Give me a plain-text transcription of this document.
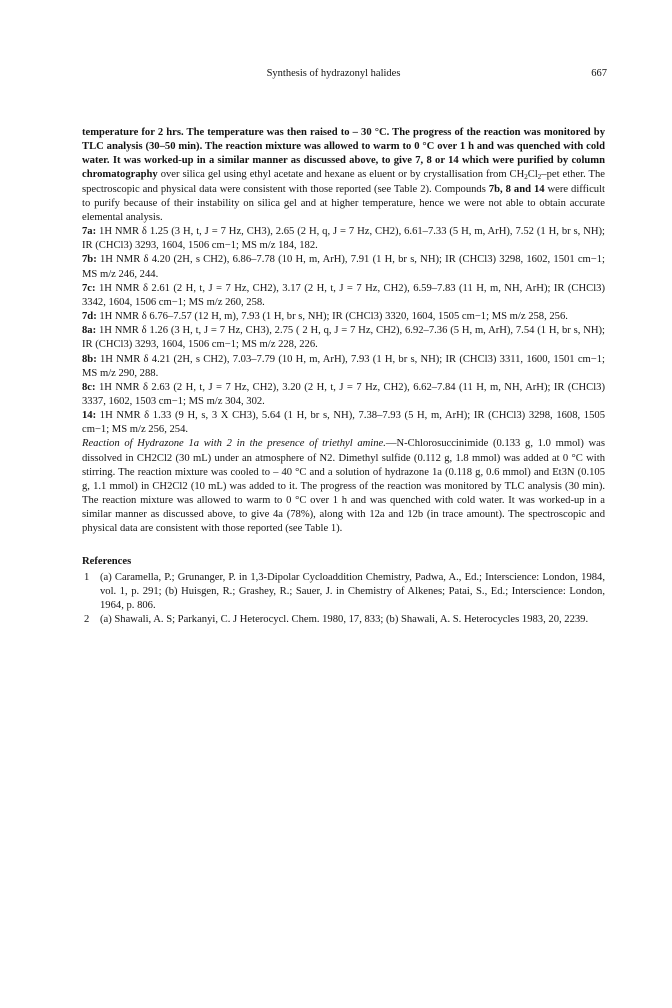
Synthesis of hydrazonyl halides	667

temperature for 2 hrs. The temperature was then raised to – 30 °C. The progress of the reaction was monitored by TLC analysis (30–50 min). The reaction mixture was allowed to warm to 0 °C over 1 h and was quenched with cold water. It was worked-up in a similar manner as discussed above, to give 7, 8 or 14 which were purified by column chromatography over silica gel using ethyl acetate and hexane as eluent or by crystallisation from $CH_2Cl_2$–pet ether. The spectroscopic and physical data were consistent with those reported (see Table 2). Compounds 7b, 8 and 14 were difficult to purify because of their instability on silica gel and at higher temperature, hence we were not able to obtain accurate elemental analysis.

7a: 1H NMR δ 1.25 (3 H, t, J = 7 Hz, CH3), 2.65 (2 H, q, J = 7 Hz, CH2), 6.61–7.33 (5 H, m, ArH), 7.52 (1 H, br s, NH); IR (CHCl3) 3293, 1604, 1506 cm−1; MS m/z 184, 182.

7b: 1H NMR δ 4.20 (2H, s CH2), 6.86–7.78 (10 H, m, ArH), 7.91 (1 H, br s, NH); IR (CHCl3) 3298, 1602, 1501 cm−1; MS m/z 246, 244.

7c: 1H NMR δ 2.61 (2 H, t, J = 7 Hz, CH2), 3.17 (2 H, t, J = 7 Hz, CH2), 6.59–7.83 (11 H, m, NH, ArH); IR (CHCl3) 3342, 1604, 1506 cm−1; MS m/z 260, 258.

7d: 1H NMR δ 6.76–7.57 (12 H, m), 7.93 (1 H, br s, NH); IR (CHCl3) 3320, 1604, 1505 cm−1; MS m/z 258, 256.

8a: 1H NMR δ 1.26 (3 H, t, J = 7 Hz, CH3), 2.75 ( 2 H, q, J = 7 Hz, CH2), 6.92–7.36 (5 H, m, ArH), 7.54 (1 H, br s, NH); IR (CHCl3) 3293, 1604, 1506 cm−1; MS m/z 228, 226.

8b: 1H NMR δ 4.21 (2H, s CH2), 7.03–7.79 (10 H, m, ArH), 7.93 (1 H, br s, NH); IR (CHCl3) 3311, 1600, 1501 cm−1; MS m/z 290, 288.

8c: 1H NMR δ 2.63 (2 H, t, J = 7 Hz, CH2), 3.20 (2 H, t, J = 7 Hz, CH2), 6.62–7.84 (11 H, m, NH, ArH); IR (CHCl3) 3337, 1602, 1503 cm−1; MS m/z 304, 302.

14: 1H NMR δ 1.33 (9 H, s, 3 X CH3), 5.64 (1 H, br s, NH), 7.38–7.93 (5 H, m, ArH); IR (CHCl3) 3298, 1608, 1505 cm−1; MS m/z 256, 254.

Reaction of Hydrazone 1a with 2 in the presence of triethyl amine.—N-Chlorosuccinimide (0.133 g, 1.0 mmol) was dissolved in CH2Cl2 (30 mL) under an atmosphere of N2. Dimethyl sulfide (0.112 g, 1.8 mmol) was added at 0 °C with stirring. The reaction mixture was cooled to – 40 °C and a solution of hydrazone 1a (0.118 g, 0.6 mmol) and Et3N (0.105 g, 1.1 mmol) in CH2Cl2 (10 mL) was added to it. The progress of the reaction was monitored by TLC analysis (30 min). The reaction mixture was allowed to warm to 0 °C over 1 h and was quenched with cold water. It was worked-up in a similar manner as discussed above, to give 4a (78%), along with 12a and 12b (in trace amount). The spectroscopic and physical data are consistent with those reported (see Table 1).

References
1 (a) Caramella, P.; Grunanger, P. in 1,3-Dipolar Cycloaddition Chemistry, Padwa, A., Ed.; Interscience: London, 1984, vol. 1, p. 291; (b) Huisgen, R.; Grashey, R.; Sauer, J. in Chemistry of Alkenes; Patai, S., Ed.; Interscience: London, 1964, p. 806.
2 (a) Shawali, A. S; Parkanyi, C. J Heterocycl. Chem. 1980, 17, 833; (b) Shawali, A. S. Heterocycles 1983, 20, 2239.
